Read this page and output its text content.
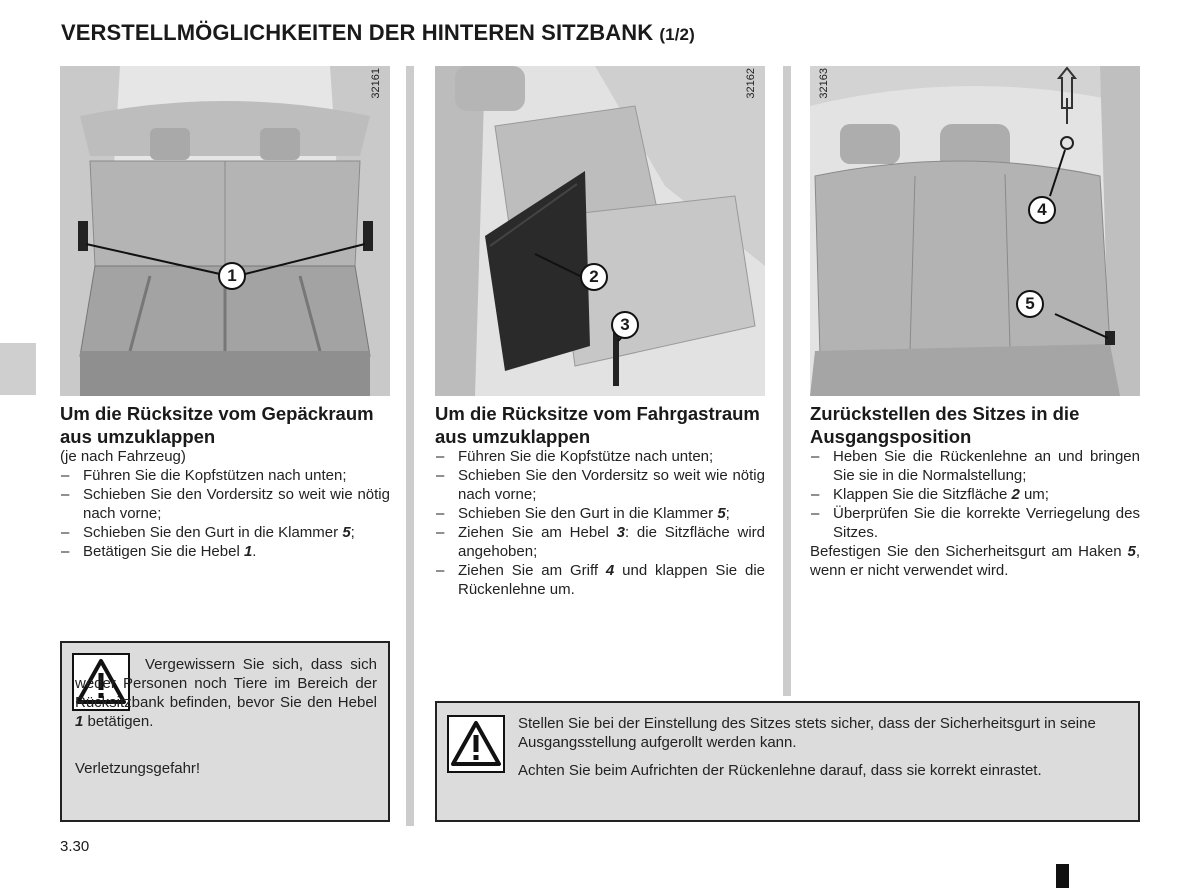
VERSTELLMÖGLICHKEITEN DER HINTEREN SITZBANK (1/2)
32161
1
32162
2
3
32163
4
5
Um die Rücksitze vom Gepäckraum aus umzuklappen

(je nach Fahrzeug)

– Führen Sie die Kopfstützen nach unten;
– Schieben Sie den Vordersitz so weit wie nötig nach vorne;
– Schieben Sie den Gurt in die Klammer 5;
– Betätigen Sie die Hebel 1.
Um die Rücksitze vom Fahrgastraum aus umzuklappen
– Führen Sie die Kopfstütze nach unten;
– Schieben Sie den Vordersitz so weit wie nötig nach vorne;
– Schieben Sie den Gurt in die Klammer 5;
– Ziehen Sie am Hebel 3: die Sitzfläche wird angehoben;
– Ziehen Sie am Griff 4 und klappen Sie die Rückenlehne um.
Zurückstellen des Sitzes in die Ausgangsposition
– Heben Sie die Rückenlehne an und bringen Sie sie in die Normalstellung;
– Klappen Sie die Sitzfläche 2 um;
– Überprüfen Sie die korrekte Verriegelung des Sitzes.

Befestigen Sie den Sicherheitsgurt am Haken 5, wenn er nicht verwendet wird.

Vergewissern Sie sich, dass sich weder Personen noch Tiere im Bereich der Rücksitzbank befinden, bevor Sie den Hebel 1 betätigen.
Verletzungsgefahr!
Stellen Sie bei der Einstellung des Sitzes stets sicher, dass der Sicherheitsgurt in seine Ausgangsstellung aufgerollt werden kann.
Achten Sie beim Aufrichten der Rückenlehne darauf, dass sie korrekt einrastet.
3.30
